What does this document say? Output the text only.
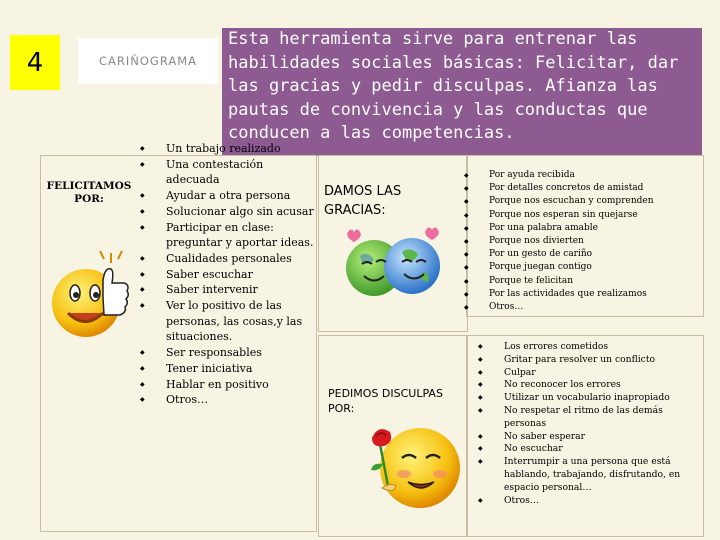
4	CARIÑOGRAMA
Esta herramienta sirve para entrenar las habilidades sociales básicas: Felicitar, dar las gracias y pedir disculpas. Afianza las pautas de convivencia y las conductas que conducen a las competencias.
FELICITAMOS POR:
◆ Un trabajo realizado
◆ Una contestación adecuada
◆ Ayudar a otra persona
◆ Solucionar algo sin acusar
◆ Participar en clase: preguntar y aportar ideas.
◆ Cualidades personales
◆ Saber escuchar
◆ Saber intervenir
◆ Ver lo positivo de las personas, las cosas,y las situaciones.
◆ Ser responsables
◆ Tener iniciativa
◆ Hablar en positivo
◆ Otros…
DAMOS LAS GRACIAS:
◆ Por ayuda recibida
◆ Por detalles concretos de amistad
◆ Porque nos escuchan y comprenden
◆ Porque nos esperan sin quejarse
◆ Por una palabra amable
◆ Porque nos divierten
◆ Por un gesto de cariño
◆ Porque juegan contigo
◆ Porque te felicitan
◆ Por las actividades que realizamos
◆ Otros…
PEDIMOS DISCULPAS POR:
◆ Los errores cometidos
◆ Gritar para resolver un conflicto
◆ Culpar
◆ No reconocer los errores
◆ Utilizar un vocabulario inapropiado
◆ No respetar el ritmo de las demás personas
◆ No saber esperar
◆ No escuchar
◆ Interrumpir a una persona que está hablando, trabajando, disfrutando, en espacio personal…
◆ Otros…
